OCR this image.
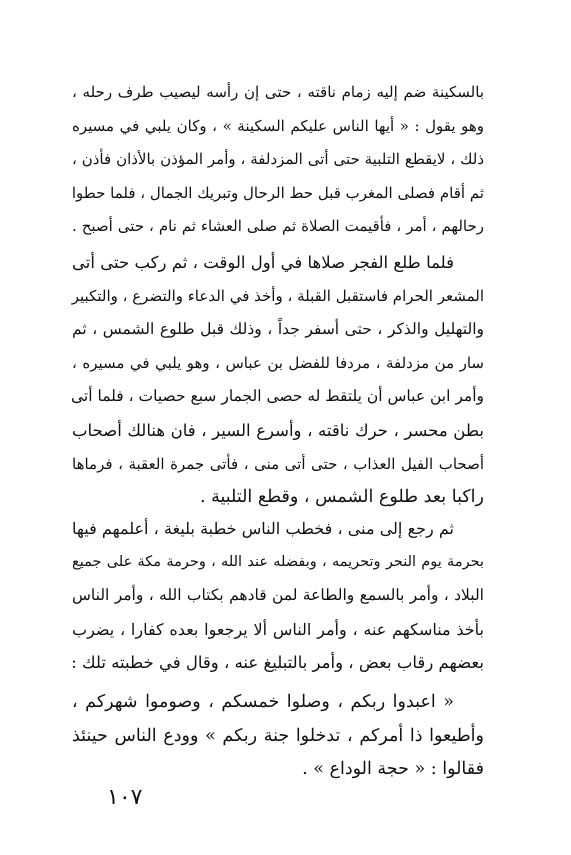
بالسكينة ضم إليه زمام ناقته ، حتى إن رأسه ليصيب طرف رحله ،
وهو يقول : « أيها الناس عليكم السكينة » ، وكان يلبي في مسيره
ذلك ، لايقطع التلبية حتى أتى المزدلفة ، وأمر المؤذن بالأذان فأذن ،
ثم أقام فصلى المغرب قبل حط الرحال وتبريك الجمال ، فلما حطوا
رحالهم ، أمر ، فأقيمت الصلاة ثم صلى العشاء ثم نام ، حتى أصبح .
فلما طلع الفجر صلاها في أول الوقت ، ثم ركب حتى أتى
المشعر الحرام فاستقبل القبلة ، وأخذ في الدعاء والتضرع ، والتكبير
والتهليل والذكر ، حتى أسفر جداً ، وذلك قبل طلوع الشمس ، ثم
سار من مزدلفة ، مردفا للفضل بن عباس ، وهو يلبي في مسيره ،
وأمر ابن عباس أن يلتقط له حصى الجمار سبع حصيات ، فلما أتى
بطن محسر ، حرك ناقته ، وأسرع السير ، فان هنالك أصحاب
أصحاب الفيل العذاب ، حتى أتى منى ، فأتى جمرة العقبة ، فرماها
راكبا بعد طلوع الشمس ، وقطع التلبية .
ثم رجع إلى منى ، فخطب الناس خطبة بليغة ، أعلمهم فيها
بحرمة يوم النحر وتحريمه ، وبفضله عند الله ، وحرمة مكة على جميع
البلاد ، وأمر بالسمع والطاعة لمن قادهم بكتاب الله ، وأمر الناس
بأخذ مناسكهم عنه ، وأمر الناس ألا يرجعوا بعده كفارا ، يضرب
بعضهم رقاب بعض ، وأمر بالتبليغ عنه ، وقال في خطبته تلك :
« اعبدوا ربكم ، وصلوا خمسكم ، وصوموا شهركم ،
وأطيعوا ذا أمركم ، تدخلوا جنة ربكم » وودع الناس حينئذ
فقالوا : « حجة الوداع » .
١٠٧
